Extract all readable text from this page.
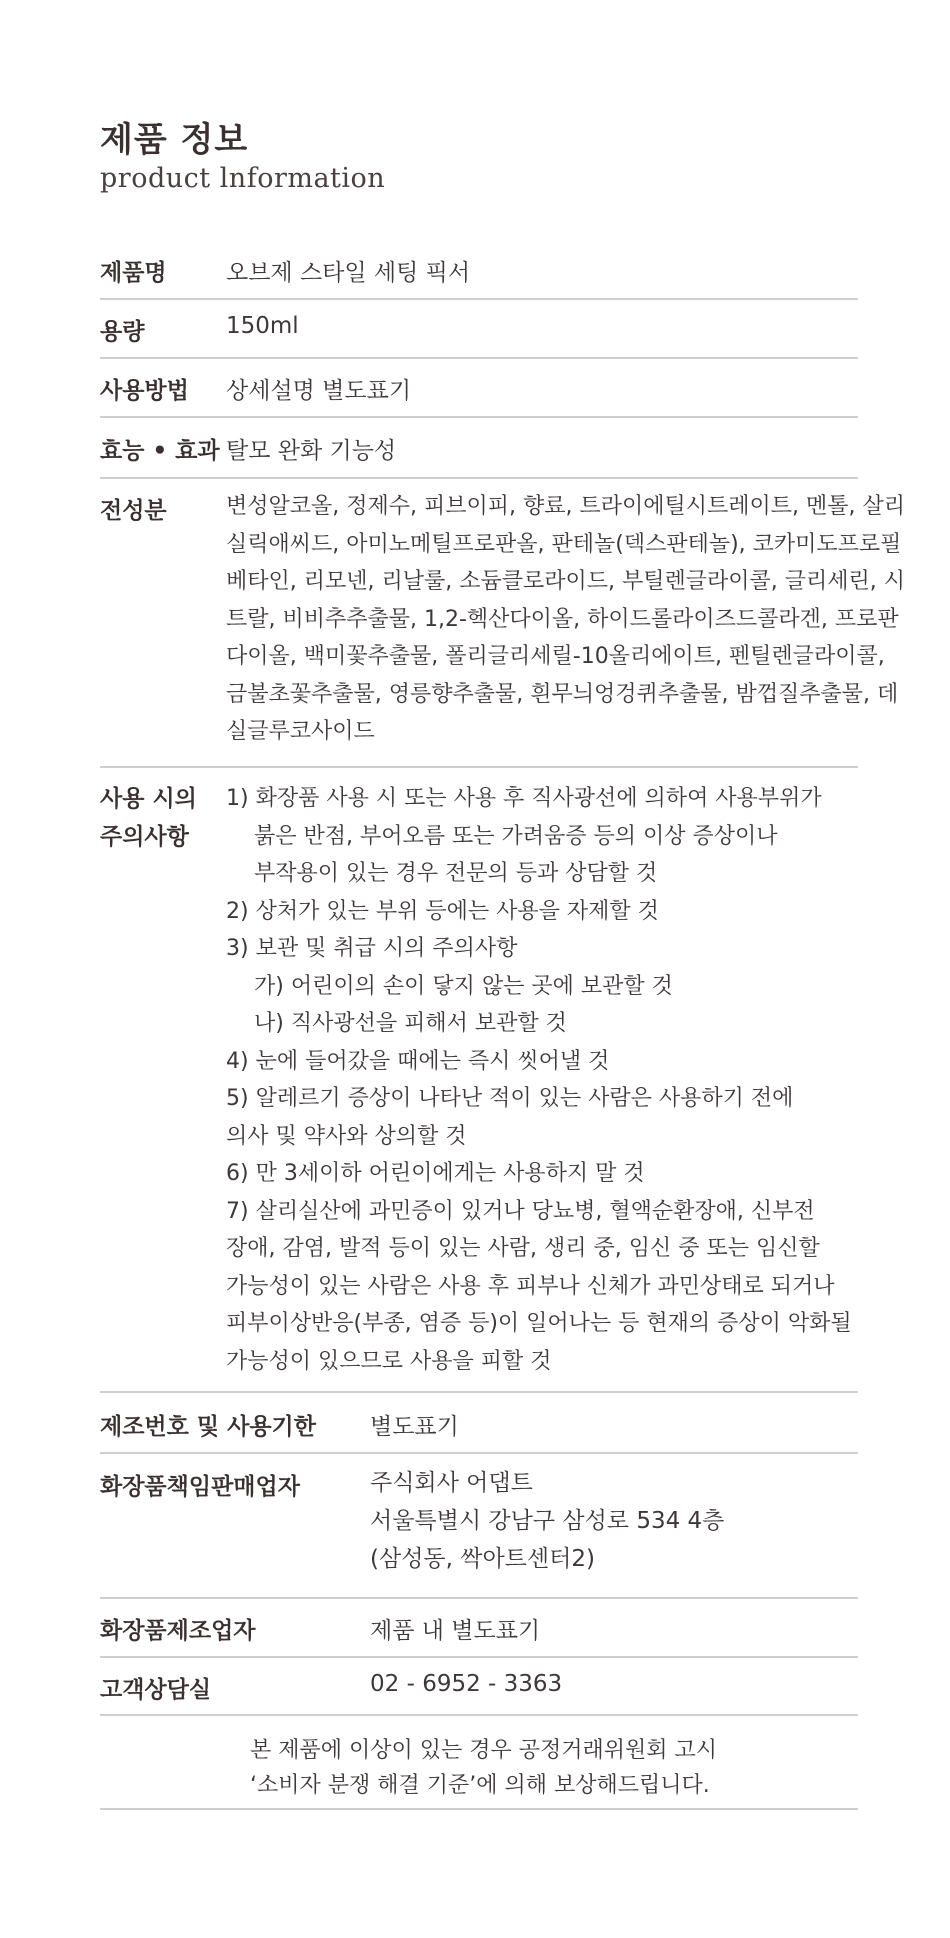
제품 정보
product lnformation
제품명	오브제 스타일 세팅 픽서
용량	150ml
사용방법 상세설명 별도표기
효능 • 효과 탈모 완화 기능성
전성분	변성알코올, 정제수, 피브이피, 향료, 트라이에틸시트레이트, 멘톨, 살리
실릭애씨드, 아미노메틸프로판올, 판테놀(덱스판테놀), 코카미도프로필
베타인, 리모넨, 리날룰, 소듐클로라이드, 부틸렌글라이콜, 글리세린, 시
트랄, 비비추추출물, 1,2-헥산다이올, 하이드롤라이즈드콜라겐, 프로판
다이올, 백미꽃추출물, 폴리글리세릴-10올리에이트, 펜틸렌글라이콜,
금불초꽃추출물, 영릉향추출물, 흰무늬엉겅퀴추출물, 밤껍질추출물, 데
실글루코사이드
사용 시의
주의사항
1) 화장품 사용 시 또는 사용 후 직사광선에 의하여 사용부위가
붉은 반점, 부어오름 또는 가려움증 등의 이상 증상이나
부작용이 있는 경우 전문의 등과 상담할 것
2) 상처가 있는 부위 등에는 사용을 자제할 것
3) 보관 및 취급 시의 주의사항
가) 어린이의 손이 닿지 않는 곳에 보관할 것
나) 직사광선을 피해서 보관할 것
4) 눈에 들어갔을 때에는 즉시 씻어낼 것
5) 알레르기 증상이 나타난 적이 있는 사람은 사용하기 전에
의사 및 약사와 상의할 것
6) 만 3세이하 어린이에게는 사용하지 말 것
7) 살리실산에 과민증이 있거나 당뇨병, 혈액순환장애, 신부전
장애, 감염, 발적 등이 있는 사람, 생리 중, 임신 중 또는 임신할
가능성이 있는 사람은 사용 후 피부나 신체가 과민상태로 되거나
피부이상반응(부종, 염증 등)이 일어나는 등 현재의 증상이 악화될
가능성이 있으므로 사용을 피할 것
제조번호 및 사용기한 별도표기
화장품책임판매업자	주식회사 어댑트
서울특별시 강남구 삼성로 534 4층
(삼성동, 싹아트센터2)
화장품제조업자	제품 내 별도표기
고객상담실	02 - 6952 - 3363
본 제품에 이상이 있는 경우 공정거래위원회 고시
‘소비자 분쟁 해결 기준’에 의해 보상해드립니다.
